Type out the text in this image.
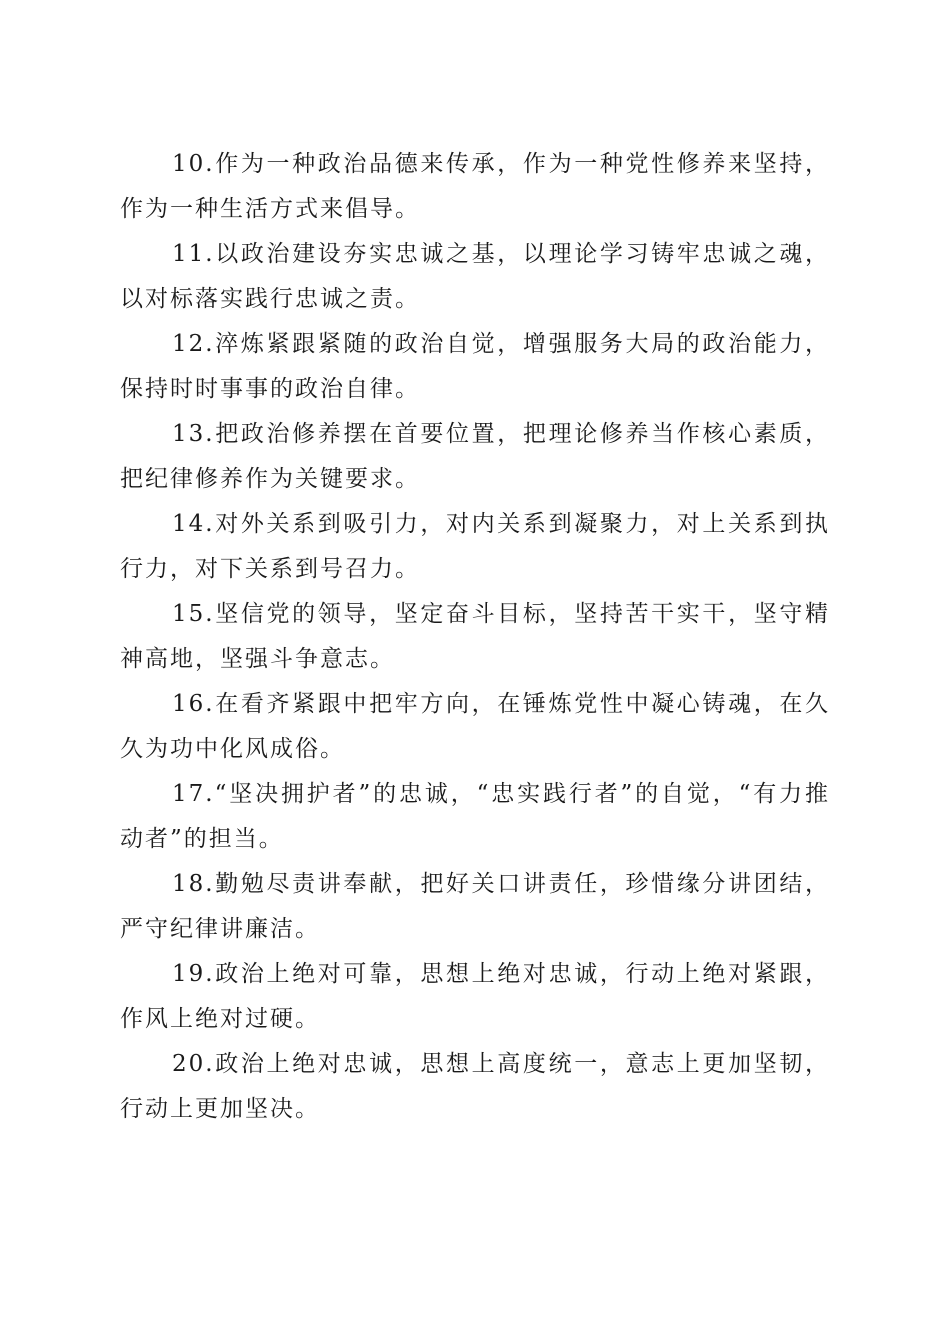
10.作为一种政治品德来传承，作为一种党性修养来坚持，作为一种生活方式来倡导。

11.以政治建设夯实忠诚之基，以理论学习铸牢忠诚之魂，以对标落实践行忠诚之责。

12.淬炼紧跟紧随的政治自觉，增强服务大局的政治能力，保持时时事事的政治自律。

13.把政治修养摆在首要位置，把理论修养当作核心素质，把纪律修养作为关键要求。

14.对外关系到吸引力，对内关系到凝聚力，对上关系到执行力，对下关系到号召力。

15.坚信党的领导，坚定奋斗目标，坚持苦干实干，坚守精神高地，坚强斗争意志。

16.在看齐紧跟中把牢方向，在锤炼党性中凝心铸魂，在久久为功中化风成俗。

17.“坚决拥护者”的忠诚，“忠实践行者”的自觉，“有力推动者”的担当。

18.勤勉尽责讲奉献，把好关口讲责任，珍惜缘分讲团结，严守纪律讲廉洁。

19.政治上绝对可靠，思想上绝对忠诚，行动上绝对紧跟，作风上绝对过硬。

20.政治上绝对忠诚，思想上高度统一，意志上更加坚韧，行动上更加坚决。
